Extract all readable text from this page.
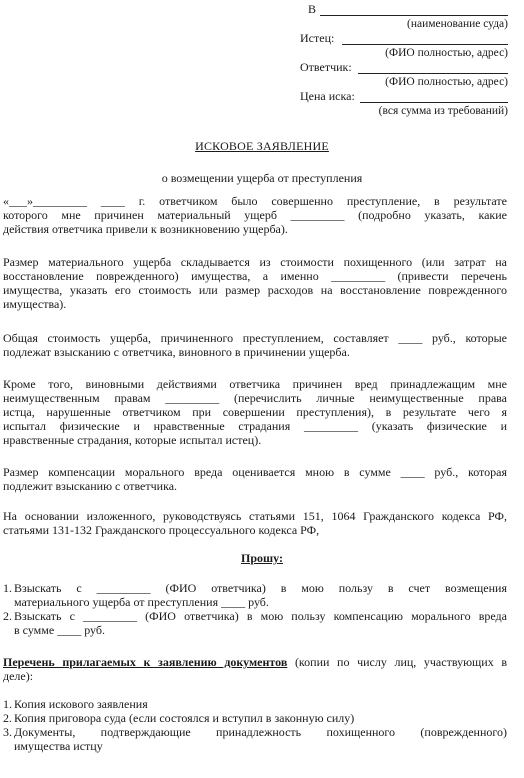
В
(наименование суда)
Истец:
(ФИО полностью, адрес)
Ответчик:
(ФИО полностью, адрес)
Цена иска:
(вся сумма из требований)
ИСКОВОЕ ЗАЯВЛЕНИЕ
о возмещении ущерба от преступления
«___»_________ ____ г. ответчиком было совершенно преступление, в результате
которого мне причинен материальный ущерб _________ (подробно указать, какие
действия ответчика привели к возникновению ущерба).
Размер материального ущерба складывается из стоимости похищенного (или затрат на
восстановление поврежденного) имущества, а именно _________ (привести перечень
имущества, указать его стоимость или размер расходов на восстановление поврежденного
имущества).
Общая стоимость ущерба, причиненного преступлением, составляет ____ руб., которые
подлежат взысканию с ответчика, виновного в причинении ущерба.
Кроме того, виновными действиями ответчика причинен вред принадлежащим мне
неимущественным правам _________ (перечислить личные неимущественные права
истца, нарушенные ответчиком при совершении преступления), в результате чего я
испытал физические и нравственные страдания _________ (указать физические и
нравственные страдания, которые испытал истец).
Размер компенсации морального вреда оценивается мною в сумме ____ руб., которая
подлежит взысканию с ответчика.
На основании изложенного, руководствуясь статьями 151, 1064 Гражданского кодекса РФ,
статьями 131-132 Гражданского процессуального кодекса РФ,
Прошу:
1. Взыскать с _________ (ФИО ответчика) в мою пользу в счет возмещения
материального ущерба от преступления ____ руб.
2. Взыскать с _________ (ФИО ответчика) в мою пользу компенсацию морального вреда
в сумме ____ руб.
Перечень прилагаемых к заявлению документов (копии по числу лиц, участвующих в
деле):
1. Копия искового заявления
2. Копия приговора суда (если состоялся и вступил в законную силу)
3. Документы, подтверждающие принадлежность похищенного (поврежденного)
имущества истцу
